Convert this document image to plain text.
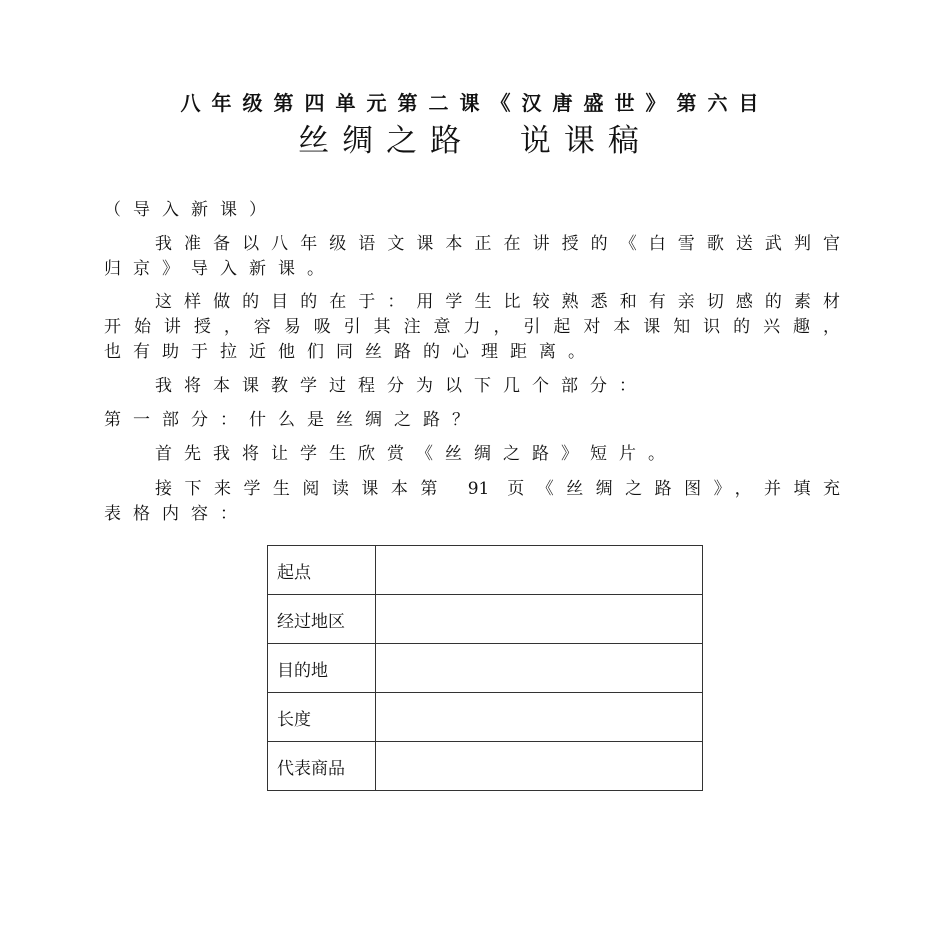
八年级第四单元第二课《汉唐盛世》第六目
丝绸之路  说课稿
（导入新课）
我准备以八年级语文课本正在讲授的《白雪歌送武判官归京》导入新课。
这样做的目的在于：用学生比较熟悉和有亲切感的素材开始讲授，容易吸引其注意力，引起对本课知识的兴趣，也有助于拉近他们同丝路的心理距离。
我将本课教学过程分为以下几个部分：
第一部分：什么是丝绸之路？
首先我将让学生欣赏《丝绸之路》短片。
接下来学生阅读课本第 91 页《丝绸之路图》，并填充表格内容：
起点	
经过地区	
目的地	
长度	
代表商品	
